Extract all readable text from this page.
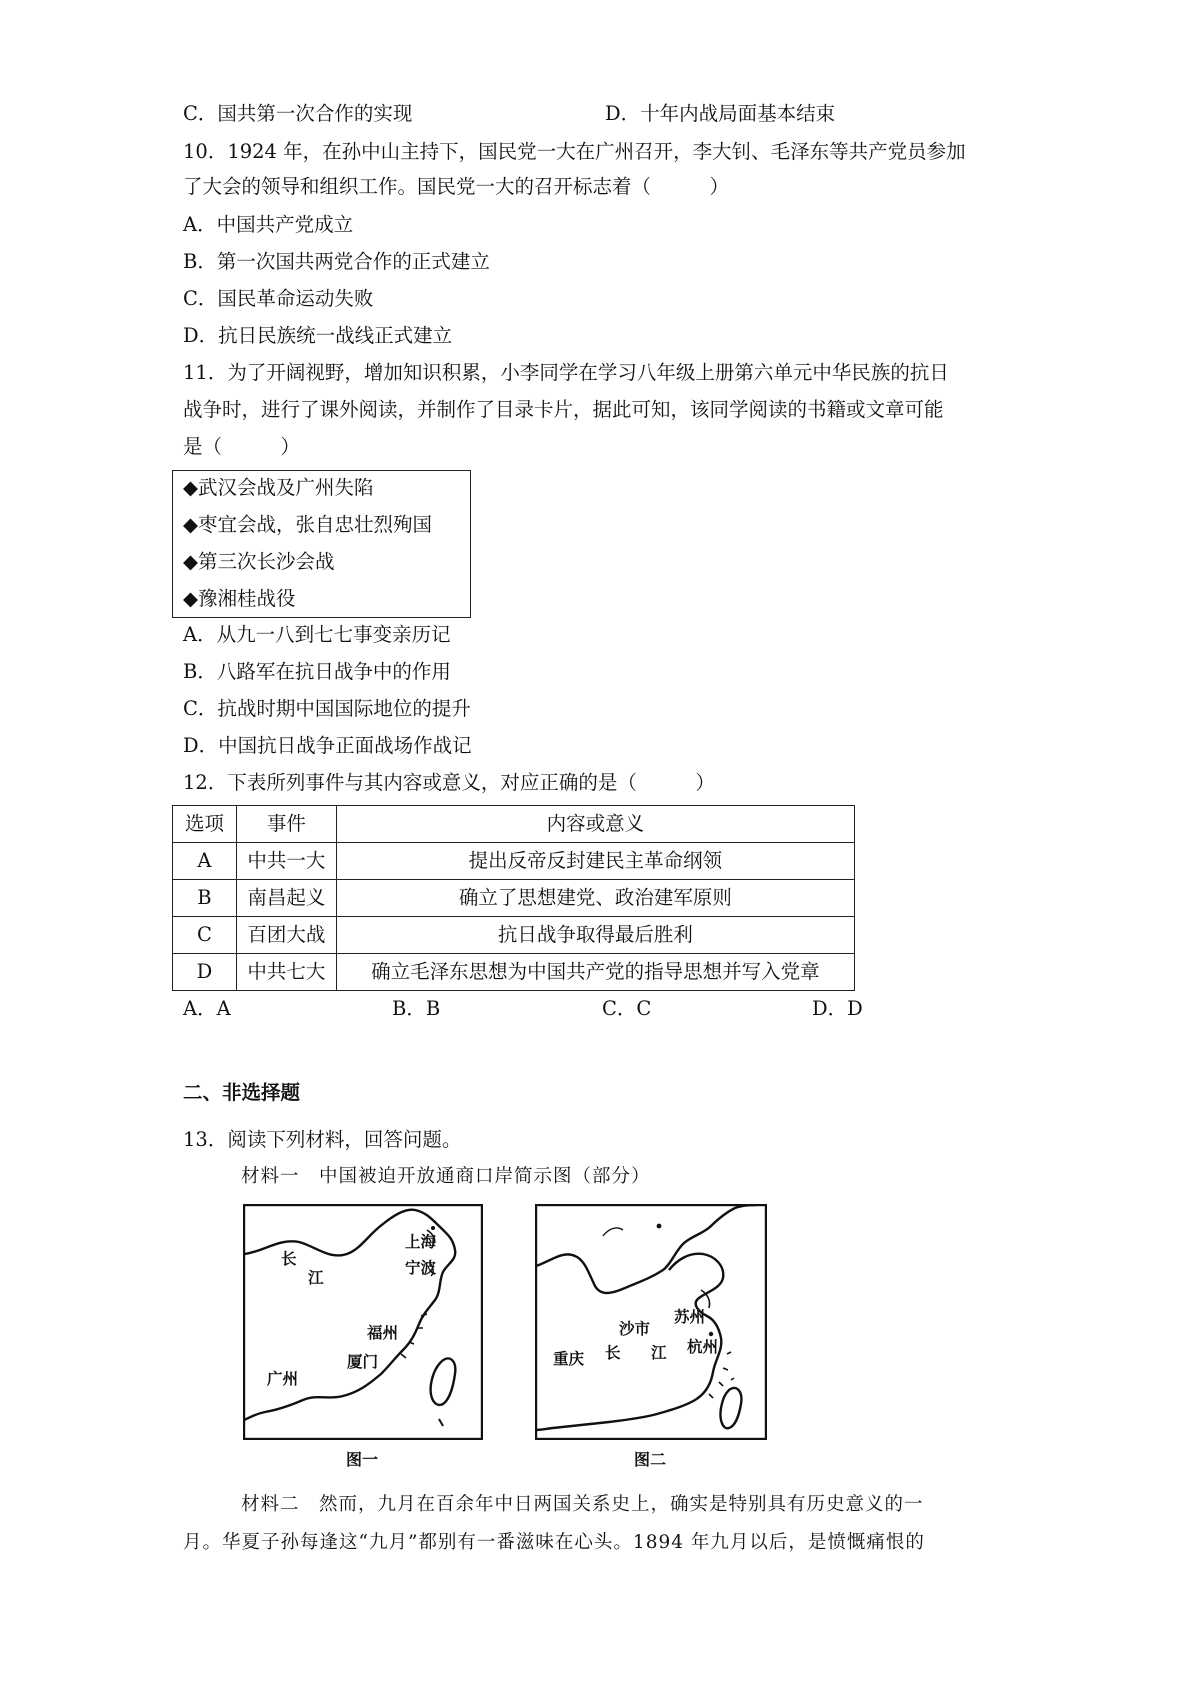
C．国共第一次合作的实现	D．十年内战局面基本结束
10．1924 年，在孙中山主持下，国民党一大在广州召开，李大钊、毛泽东等共产党员参加
了大会的领导和组织工作。国民党一大的召开标志着（　　　）
A．中国共产党成立
B．第一次国共两党合作的正式建立
C．国民革命运动失败
D．抗日民族统一战线正式建立
11．为了开阔视野，增加知识积累，小李同学在学习八年级上册第六单元中华民族的抗日
战争时，进行了课外阅读，并制作了目录卡片，据此可知，该同学阅读的书籍或文章可能
是（　　　）
◆武汉会战及广州失陷
◆枣宜会战，张自忠壮烈殉国
◆第三次长沙会战
◆豫湘桂战役
A．从九一八到七七事变亲历记
B．八路军在抗日战争中的作用
C．抗战时期中国国际地位的提升
D．中国抗日战争正面战场作战记
12．下表所列事件与其内容或意义，对应正确的是（　　　）
选项	事件	内容或意义
A	中共一大	提出反帝反封建民主革命纲领
B	南昌起义	确立了思想建党、政治建军原则
C	百团大战	抗日战争取得最后胜利
D	中共七大	确立毛泽东思想为中国共产党的指导思想并写入党章
A．A	B．B	C．C	D．D
二、非选择题
13．阅读下列材料，回答问题。
材料一　中国被迫开放通商口岸简示图（部分）
长
江
上海
宁波
福州
厦门
广州
图一
沙市
苏州
重庆 长 江 杭州
图二
材料二　然而，九月在百余年中日两国关系史上，确实是特别具有历史意义的一
月。华夏子孙每逢这“九月”都别有一番滋味在心头。1894 年九月以后，是愤慨痛恨的
